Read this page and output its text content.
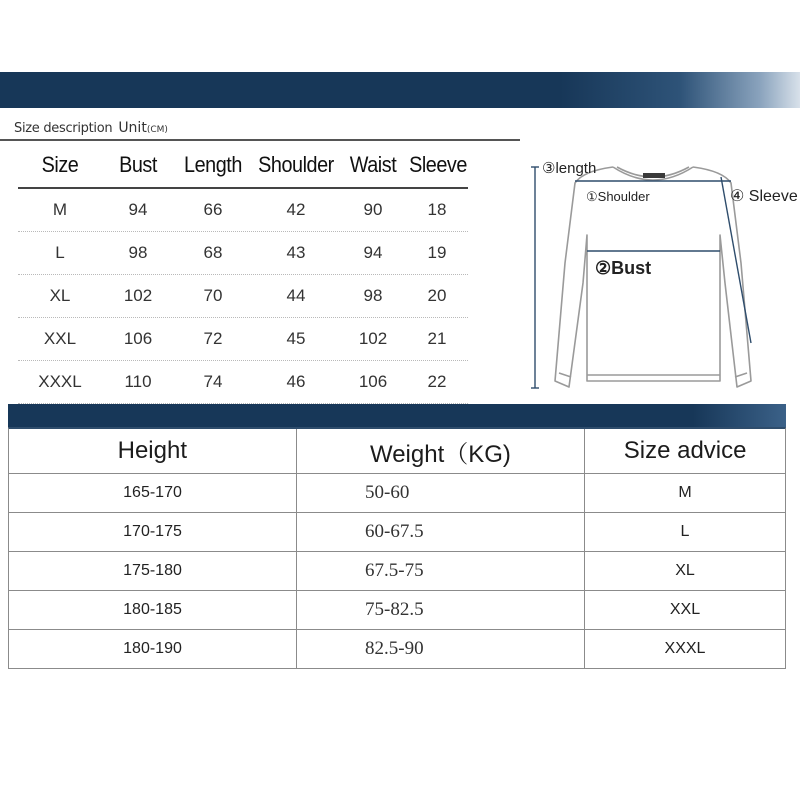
Size description Unit(CM)
Size	Bust	Length Shoulder Waist Sleeve
M	94	66	42	90	18
L	98	68	43	94	19
XL	102	70	44	98	20
XXL	106	72	45	102	21
XXXL	110	74	46	106	22
③length
①Shoulder	④ Sleeve
②Bust
Height	Weight（KG)	Size advice
165-170	50-60	M
170-175	60-67.5	L
175-180	67.5-75	XL
180-185	75-82.5	XXL
180-190	82.5-90	XXXL
